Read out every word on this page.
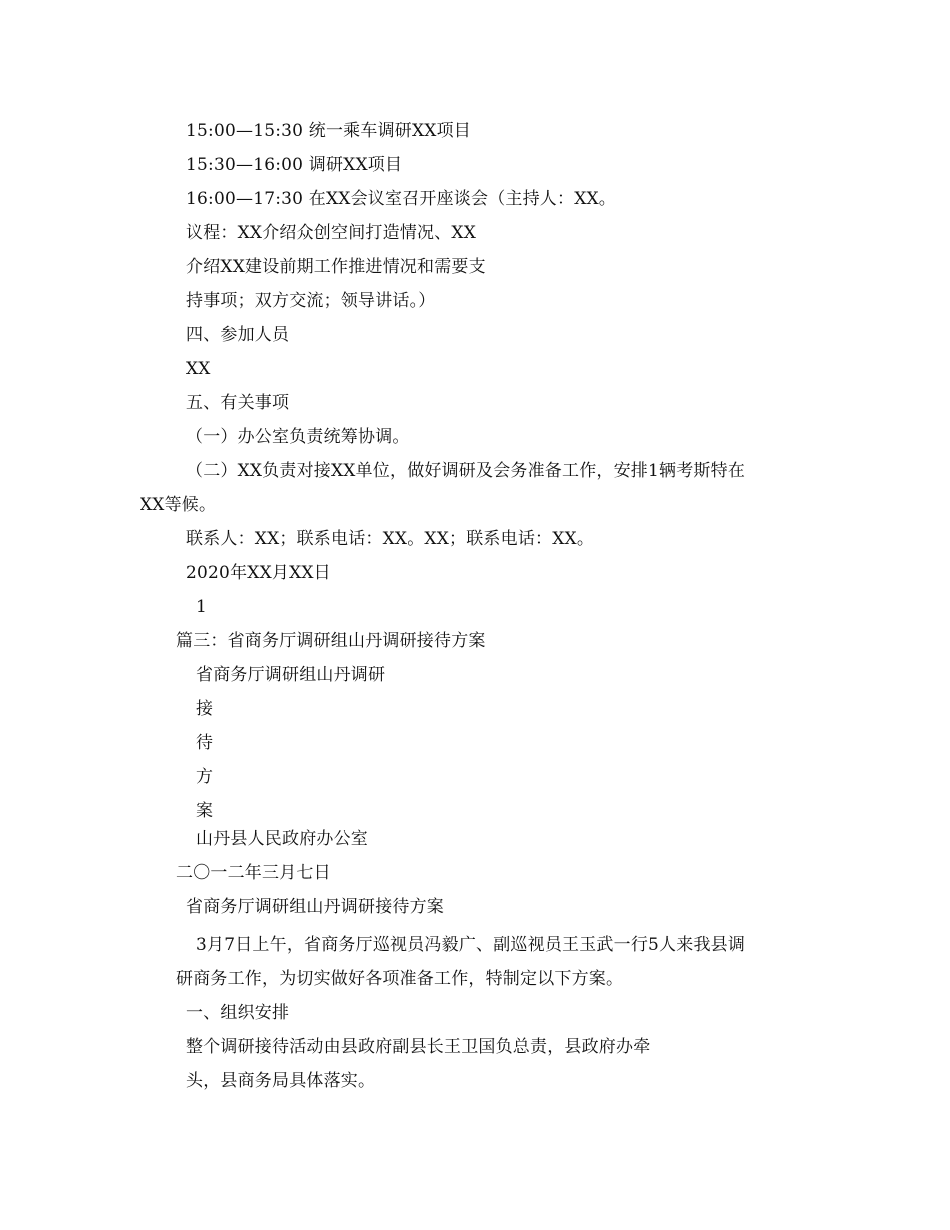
15:00—15:30 统一乘车调研XX项目
15:30—16:00 调研XX项目
16:00—17:30 在XX会议室召开座谈会（主持人：XX。
议程：XX介绍众创空间打造情况、XX
介绍XX建设前期工作推进情况和需要支
持事项；双方交流；领导讲话。）
四、参加人员
XX
五、有关事项
（一）办公室负责统筹协调。
（二）XX负责对接XX单位，做好调研及会务准备工作，安排1辆考斯特在
XX等候。
联系人：XX；联系电话：XX。XX；联系电话：XX。
2020年XX月XX日
1
篇三：省商务厅调研组山丹调研接待方案
省商务厅调研组山丹调研
接
待
方
案
山丹县人民政府办公室
二〇一二年三月七日
省商务厅调研组山丹调研接待方案
3月7日上午，省商务厅巡视员冯毅广、副巡视员王玉武一行5人来我县调
研商务工作，为切实做好各项准备工作，特制定以下方案。
一、组织安排
整个调研接待活动由县政府副县长王卫国负总责，县政府办牵
头，县商务局具体落实。
